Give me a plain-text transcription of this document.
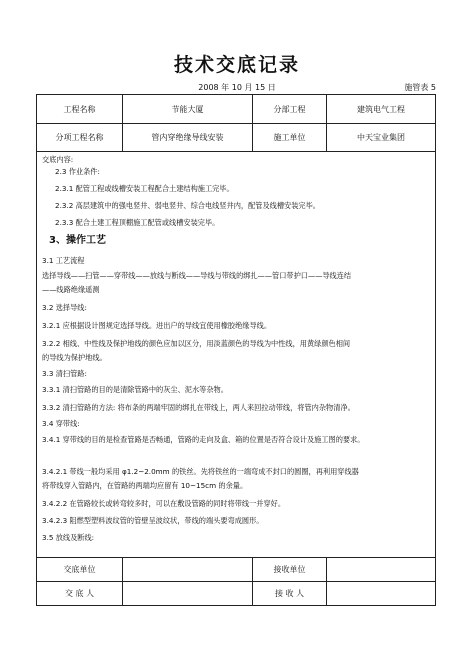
技术交底记录
2008 年 10 月 15 日	施管表 5
工程名称	节能大厦	分部工程	建筑电气工程
分项工程名称	管内穿绝缘导线安装	施工单位	中天宝业集团
交底内容:
2.3 作业条件:
2.3.1 配管工程或线槽安装工程配合土建结构施工完毕。
2.3.2 高层建筑中的强电竖井、弱电竖井、综合电线竖井内，配管及线槽安装完毕。
2.3.3 配合土建工程顶棚施工配管或线槽安装完毕。
3、操作工艺
3.1 工艺流程
选择导线——扫管——穿带线——放线与断线——导线与带线的绑扎——管口带护口——导线连结
——线路绝缘遥测
3.2 选择导线:
3.2.1 应根据设计图规定选择导线。进出户的导线宜使用橡胶绝缘导线。
3.2.2 相线、中性线及保护地线的颜色应加以区分，用淡蓝颜色的导线为中性线，用黄绿颜色相间
的导线为保护地线。
3.3 清扫管路:
3.3.1 清扫管路的目的是清除管路中的灰尘、泥水等杂物。
3.3.2 清扫管路的方法: 将布条的两端牢固的绑扎在带线上，两人来回拉动带线，将管内杂物清净。
3.4 穿带线:
3.4.1 穿带线的目的是检查管路是否畅通，管路的走向及盒、箱的位置是否符合设计及施工图的要求。
3.4.2.1 带线一般均采用 φ1.2~2.0mm 的铁丝。先将铁丝的一端弯成不封口的圆圈，再利用穿线器
将带线穿入管路内，在管路的两端均应留有 10~15cm 的余量。
3.4.2.2 在管路较长或转弯较多时，可以在敷设管路的同时将带线一并穿好。
3.4.2.3 阻燃型塑料波纹管的管壁呈波纹状，带线的端头要弯成圆形。
3.5 放线及断线:
交底单位	接收单位
交 底 人	接 收 人
